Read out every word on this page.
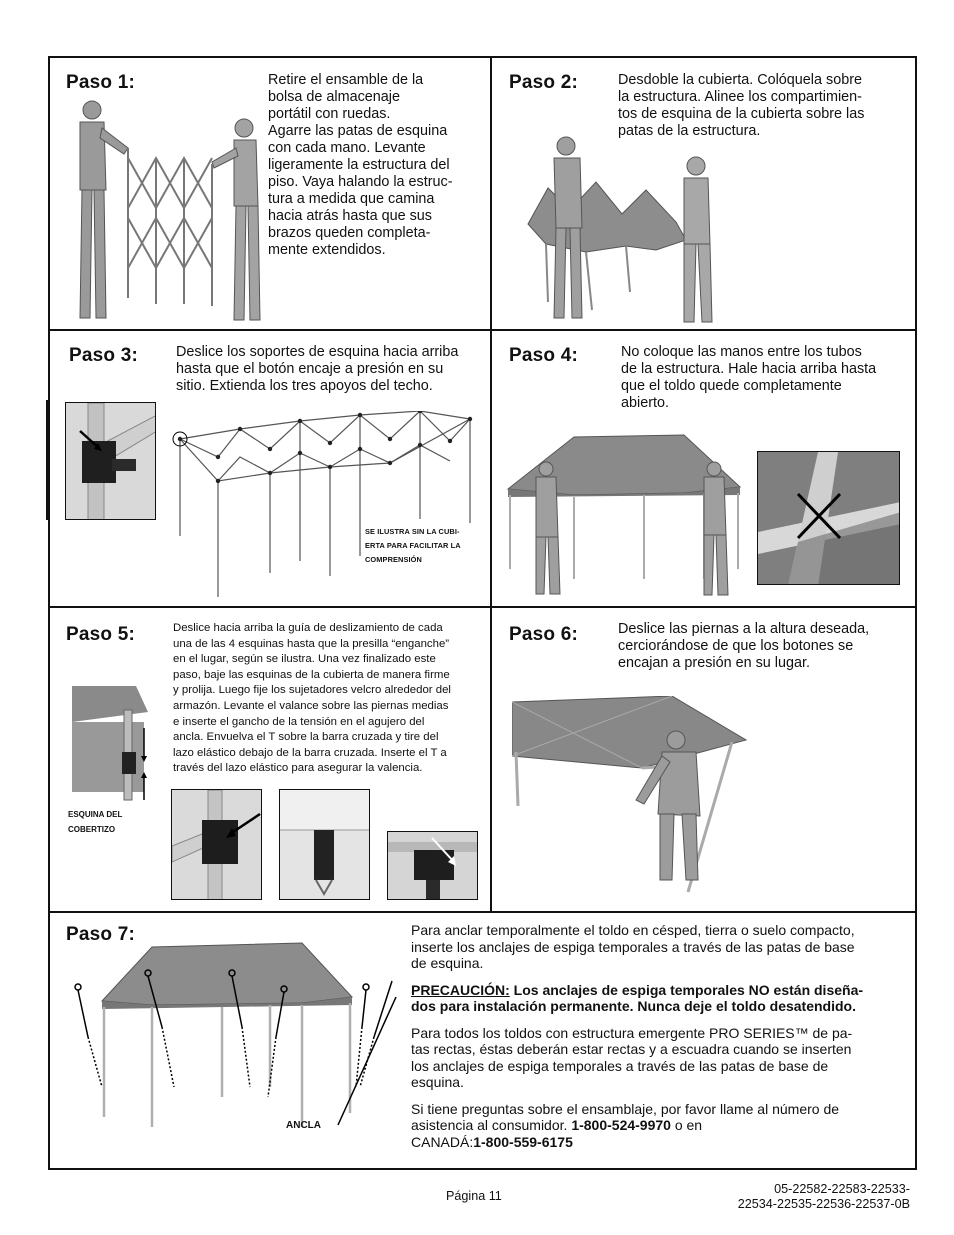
Paso 1:	Retire el ensamble de la
bolsa de almacenaje
portátil con ruedas.
Agarre las patas de esquina
con cada mano. Levante
ligeramente la estructura del
piso. Vaya halando la estruc-
tura a medida que camina
hacia atrás hasta que sus
brazos queden completa-
mente extendidos.
Paso 2:	Desdoble la cubierta. Colóquela sobre
la estructura. Alinee los compartimien-
tos de esquina de la cubierta sobre las
patas de la estructura.
Paso 3:	Deslice los soportes de esquina hacia arriba
hasta que el botón encaje a presión en su
sitio. Extienda los tres apoyos del techo.
SE ILUSTRA SIN LA CUBI-
ERTA PARA FACILITAR LA
COMPRENSIÓN
Paso 4:	No coloque las manos entre los tubos
de la estructura. Hale hacia arriba hasta
que el toldo quede completamente
abierto.
Paso 5:	Deslice hacia arriba la guía de deslizamiento de cada
una de las 4 esquinas hasta que la presilla “enganche”
en el lugar, según se ilustra. Una vez finalizado este
paso, baje las esquinas de la cubierta de manera firme
y prolija. Luego fije los sujetadores velcro alrededor del
armazón. Levante el valance sobre las piernas medias
e inserte el gancho de la tensión en el agujero del
ancla. Envuelva el T sobre la barra cruzada y tire del
lazo elástico debajo de la barra cruzada. Inserte el T a
través del lazo elástico para asegurar la valencia.
ESQUINA DEL
COBERTIZO
Paso 6:	Deslice las piernas a la altura deseada,
cerciorándose de que los botones se
encajan a presión en su lugar.
Paso 7:
ANCLA

Para anclar temporalmente el toldo en césped, tierra o suelo compacto,
inserte los anclajes de espiga temporales a través de las patas de base
de esquina.

PRECAUCIÓN: Los anclajes de espiga temporales NO están diseña-
dos para instalación permanente. Nunca deje el toldo desatendido.

Para todos los toldos con estructura emergente PRO SERIES™ de pa-
tas rectas, éstas deberán estar rectas y a escuadra cuando se inserten
los anclajes de espiga temporales a través de las patas de base de
esquina.

Si tiene preguntas sobre el ensamblaje, por favor llame al número de
asistencia al consumidor. 1-800-524-9970 o en
CANADÁ:1-800-559-6175

Página 11	05-22582-22583-22533-
22534-22535-22536-22537-0B
